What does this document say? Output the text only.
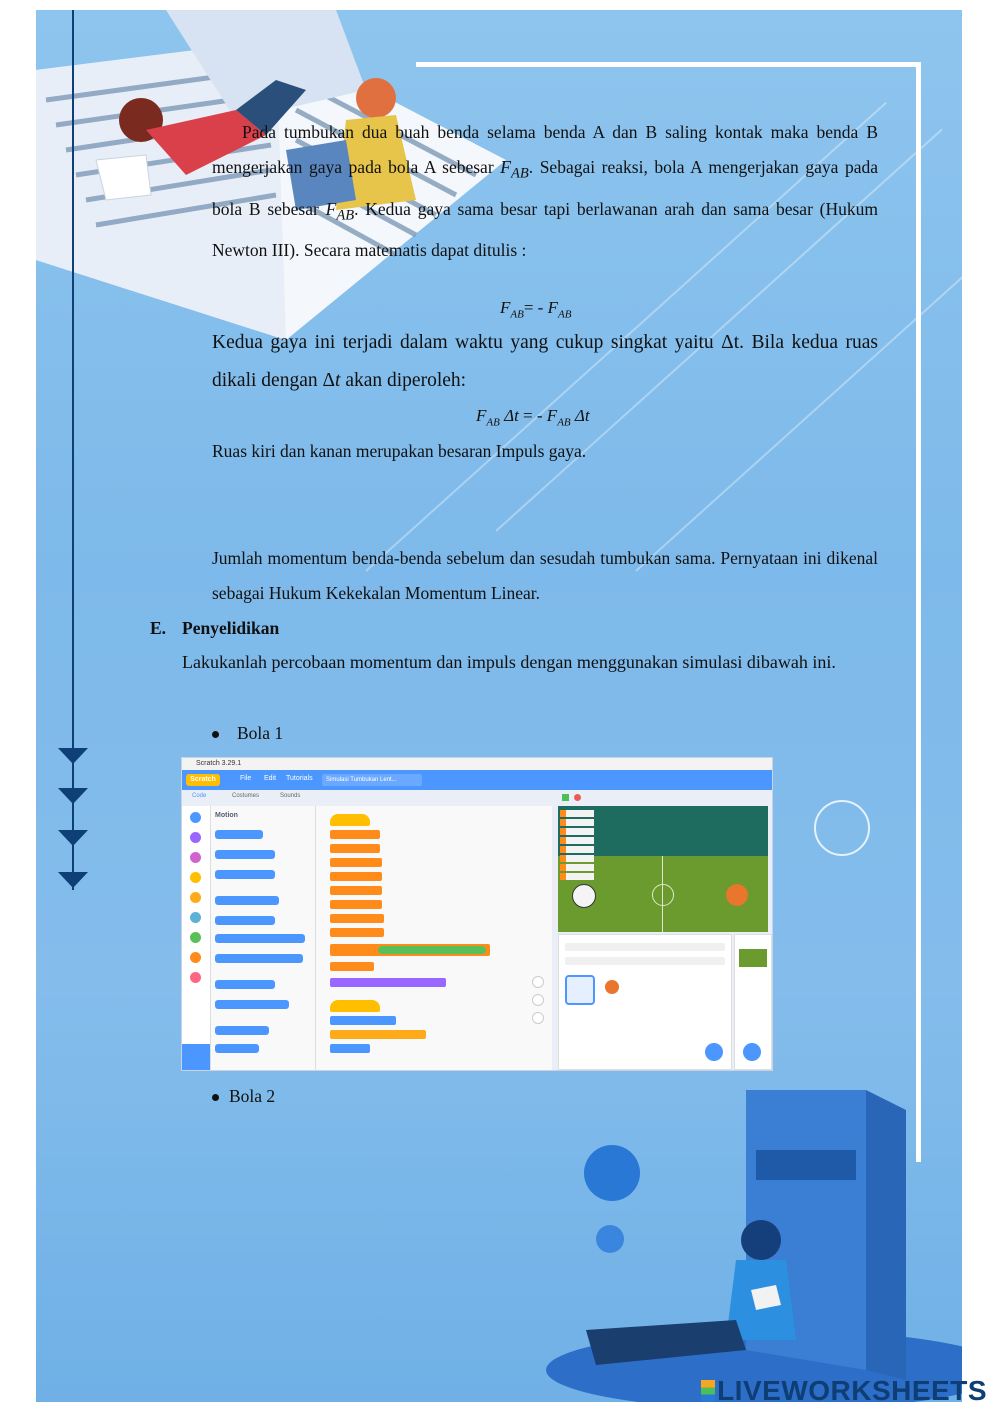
Pada tumbukan dua buah benda selama benda A dan B saling kontak maka benda B mengerjakan gaya pada bola A sebesar $F_{AB}$. Sebagai reaksi, bola A mengerjakan gaya pada bola B sebesar $F_{AB}$. Kedua gaya sama besar tapi berlawanan arah dan sama besar (Hukum Newton III). Secara matematis dapat ditulis :
$F_{AB}= - F_{AB}$
Kedua gaya ini terjadi dalam waktu yang cukup singkat yaitu Δt. Bila kedua ruas dikali dengan Δt akan diperoleh:
$F_{AB}$ Δt = - $F_{AB}$ Δt
Ruas kiri dan kanan merupakan besaran Impuls gaya.
Jumlah momentum benda-benda sebelum dan sesudah tumbukan sama. Pernyataan ini dikenal sebagai Hukum Kekekalan Momentum Linear.
E. Penyelidikan
Lakukanlah percobaan momentum dan impuls dengan menggunakan simulasi dibawah ini.
Bola 1
Scratch 3.29.1
Scratch	File Edit Tutorials	Simulasi Tumbukan Lent...
Code	Costumes	Sounds
Motion
Bola 2
LIVEWORKSHEETS
